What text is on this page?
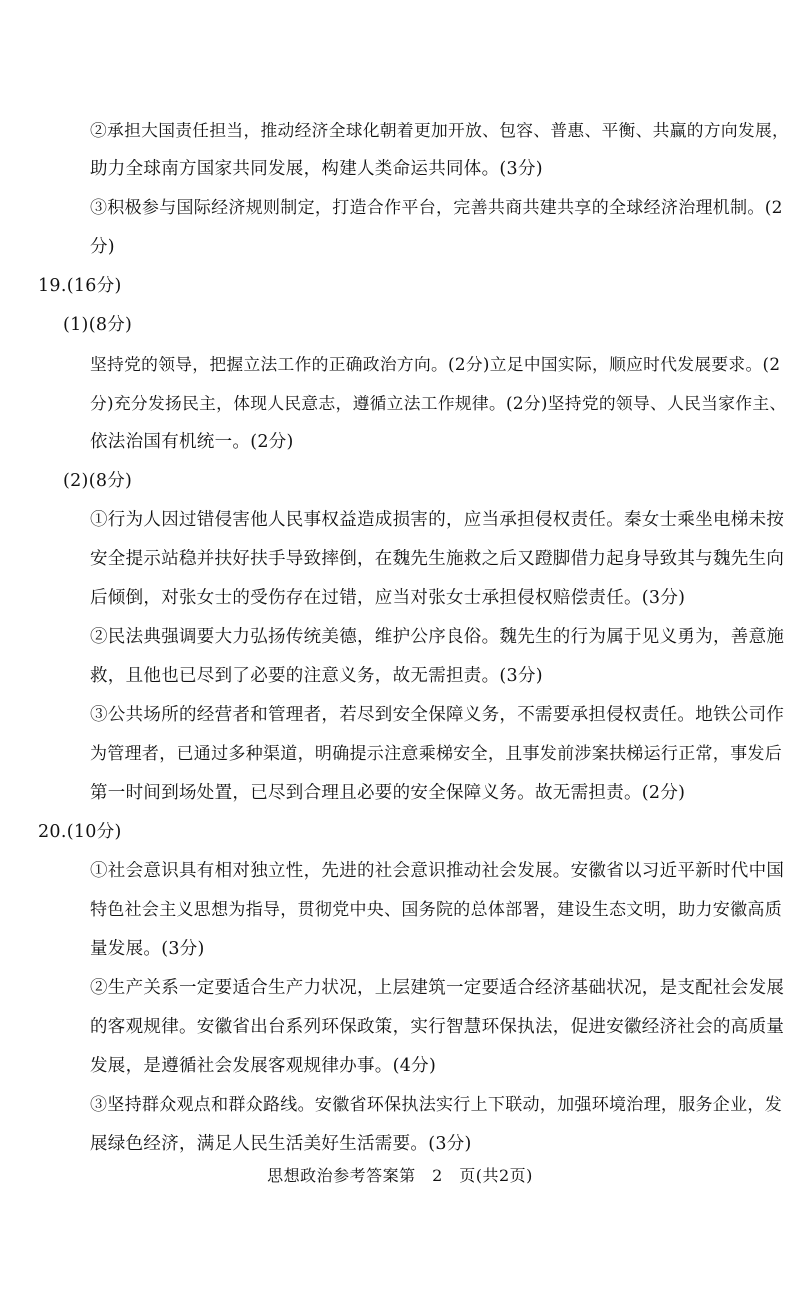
②承担大国责任担当，推动经济全球化朝着更加开放、包容、普惠、平衡、共赢的方向发展，
助力全球南方国家共同发展，构建人类命运共同体。(3分)
③积极参与国际经济规则制定，打造合作平台，完善共商共建共享的全球经济治理机制。(2
分)
19.(16分)
(1)(8分)
坚持党的领导，把握立法工作的正确政治方向。(2分)立足中国实际，顺应时代发展要求。(2
分)充分发扬民主，体现人民意志，遵循立法工作规律。(2分)坚持党的领导、人民当家作主、
依法治国有机统一。(2分)
(2)(8分)
①行为人因过错侵害他人民事权益造成损害的，应当承担侵权责任。秦女士乘坐电梯未按
安全提示站稳并扶好扶手导致摔倒，在魏先生施救之后又蹬脚借力起身导致其与魏先生向
后倾倒，对张女士的受伤存在过错，应当对张女士承担侵权赔偿责任。(3分)
②民法典强调要大力弘扬传统美德，维护公序良俗。魏先生的行为属于见义勇为，善意施
救，且他也已尽到了必要的注意义务，故无需担责。(3分)
③公共场所的经营者和管理者，若尽到安全保障义务，不需要承担侵权责任。地铁公司作
为管理者，已通过多种渠道，明确提示注意乘梯安全，且事发前涉案扶梯运行正常，事发后
第一时间到场处置，已尽到合理且必要的安全保障义务。故无需担责。(2分)
20.(10分)
①社会意识具有相对独立性，先进的社会意识推动社会发展。安徽省以习近平新时代中国
特色社会主义思想为指导，贯彻党中央、国务院的总体部署，建设生态文明，助力安徽高质
量发展。(3分)
②生产关系一定要适合生产力状况，上层建筑一定要适合经济基础状况，是支配社会发展
的客观规律。安徽省出台系列环保政策，实行智慧环保执法，促进安徽经济社会的高质量
发展，是遵循社会发展客观规律办事。(4分)
③坚持群众观点和群众路线。安徽省环保执法实行上下联动，加强环境治理，服务企业，发
展绿色经济，满足人民生活美好生活需要。(3分)
思想政治参考答案第　2　页(共2页)
